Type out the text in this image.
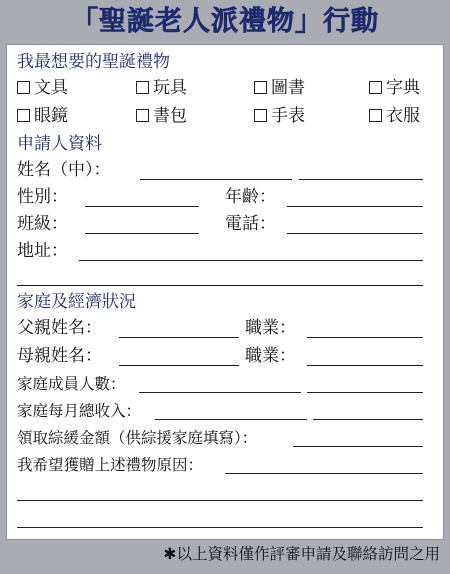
「聖誕老人派禮物」行動
我最想要的聖誕禮物
文具	玩具	圖書	字典
眼鏡	書包	手表	衣服
申請人資料
姓名（中）：
性別：	年齡：
班級：	電話：
地址：
家庭及經濟狀況
父親姓名：	職業：
母親姓名：	職業：
家庭成員人數：
家庭每月總收入：
領取綜緩金額（供綜援家庭填寫）：
我希望獲贈上述禮物原因：
✱以上資料僅作評審申請及聯絡訪問之用
